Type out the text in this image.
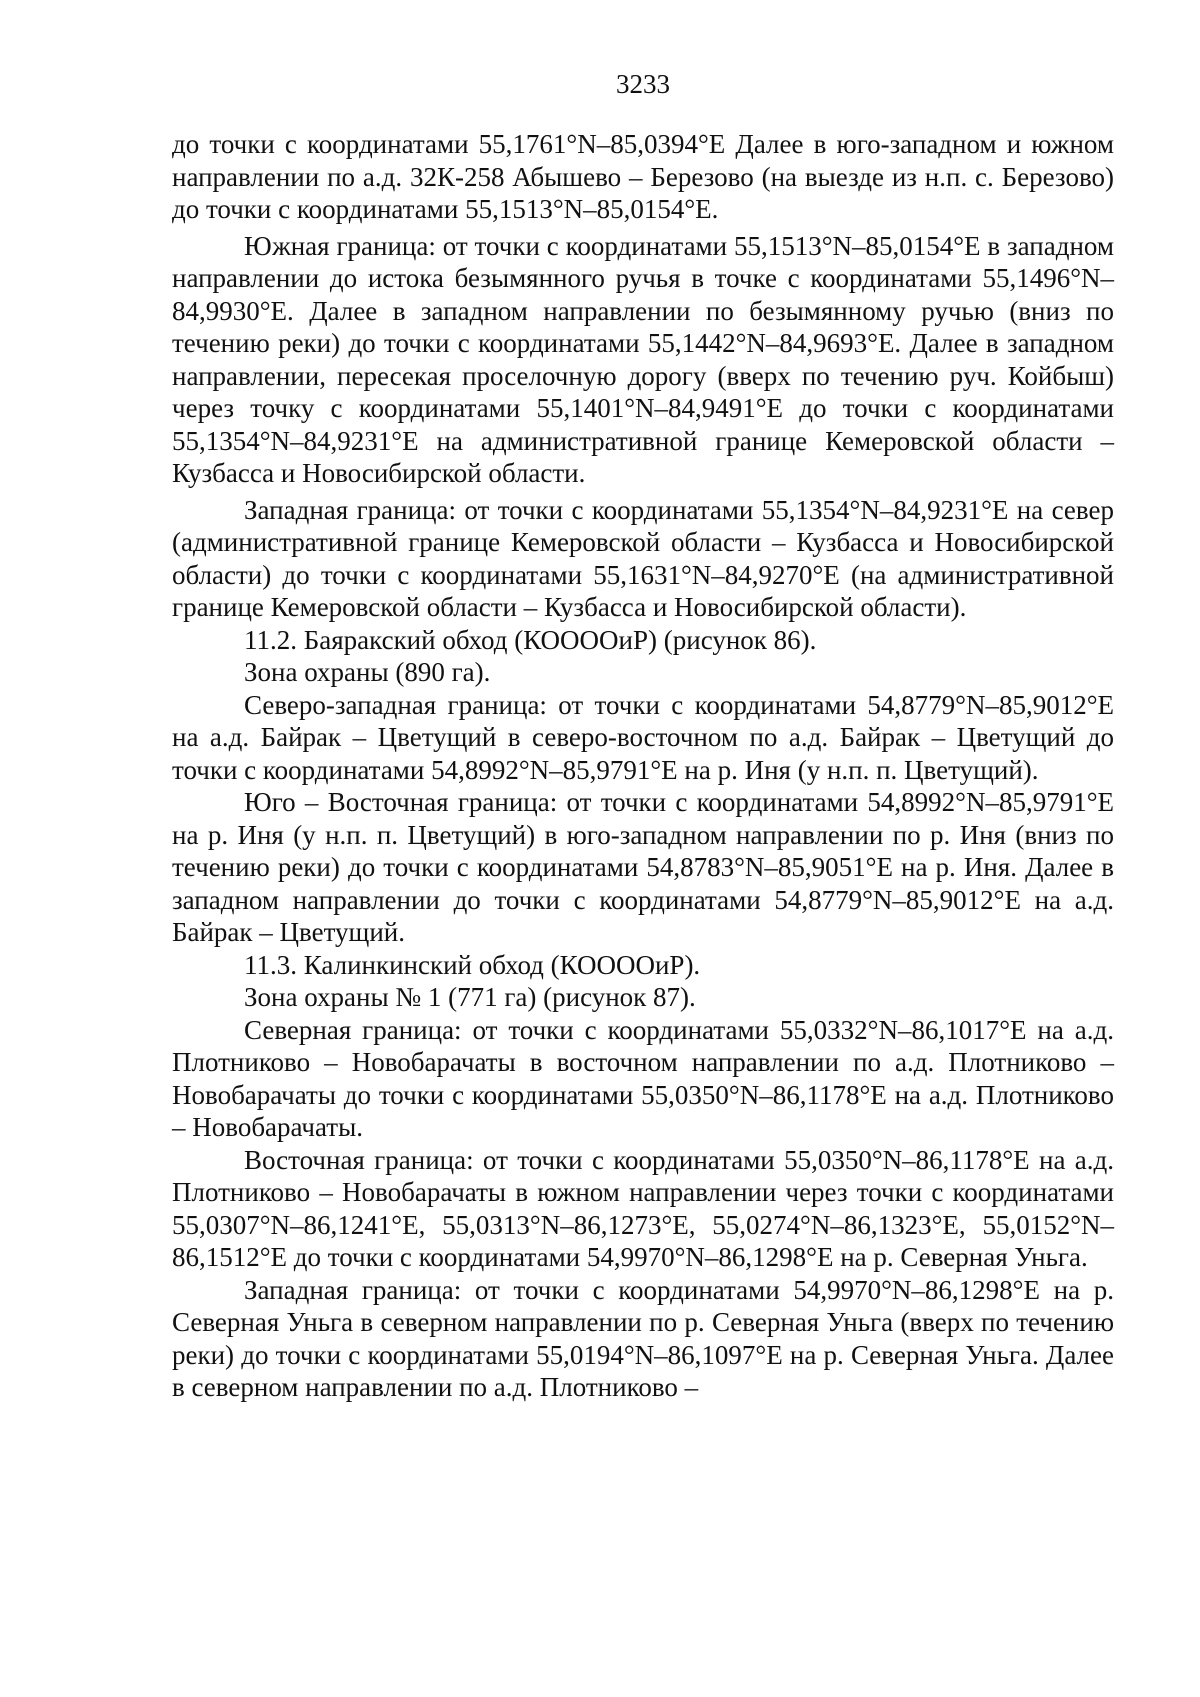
3233

до точки с координатами 55,1761°N–85,0394°E Далее в юго-западном и южном направлении по а.д. 32К-258 Абышево – Березово (на выезде из н.п. с. Березово) до точки с координатами 55,1513°N–85,0154°E.

Южная граница: от точки с координатами 55,1513°N–85,0154°E в западном направлении до истока безымянного ручья в точке с координатами 55,1496°N–84,9930°E. Далее в западном направлении по безымянному ручью (вниз по течению реки) до точки с координатами 55,1442°N–84,9693°E. Далее в западном направлении, пересекая проселочную дорогу (вверх по течению руч. Койбыш) через точку с координатами 55,1401°N–84,9491°E до точки с координатами 55,1354°N–84,9231°E на административной границе Кемеровской области – Кузбасса и Новосибирской области.

Западная граница: от точки с координатами 55,1354°N–84,9231°E на север (административной границе Кемеровской области – Кузбасса и Новосибирской области) до точки с координатами 55,1631°N–84,9270°E (на административной границе Кемеровской области – Кузбасса и Новосибирской области).

11.2. Баяракский обход (КООООиР) (рисунок 86).

Зона охраны (890 га).

Северо-западная граница: от точки с координатами 54,8779°N–85,9012°E на а.д. Байрак – Цветущий в северо-восточном по а.д. Байрак – Цветущий до точки с координатами 54,8992°N–85,9791°E на р. Иня (у н.п. п. Цветущий).

Юго – Восточная граница: от точки с координатами 54,8992°N–85,9791°E на р. Иня (у н.п. п. Цветущий) в юго-западном направлении по р. Иня (вниз по течению реки) до точки с координатами 54,8783°N–85,9051°E на р. Иня. Далее в западном направлении до точки с координатами 54,8779°N–85,9012°E на а.д. Байрак – Цветущий.

11.3. Калинкинский обход (КООООиР).

Зона охраны № 1 (771 га) (рисунок 87).

Северная граница: от точки с координатами 55,0332°N–86,1017°E на а.д. Плотниково – Новобарачаты в восточном направлении по а.д. Плотниково – Новобарачаты до точки с координатами 55,0350°N–86,1178°E на а.д. Плотниково – Новобарачаты.

Восточная граница: от точки с координатами 55,0350°N–86,1178°E на а.д. Плотниково – Новобарачаты в южном направлении через точки с координатами 55,0307°N–86,1241°E, 55,0313°N–86,1273°E, 55,0274°N–86,1323°E, 55,0152°N–86,1512°E до точки с координатами 54,9970°N–86,1298°E на р. Северная Уньга.

Западная граница: от точки с координатами 54,9970°N–86,1298°E на р. Северная Уньга в северном направлении по р. Северная Уньга (вверх по течению реки) до точки с координатами 55,0194°N–86,1097°E на р. Северная Уньга. Далее в северном направлении по а.д. Плотниково –
